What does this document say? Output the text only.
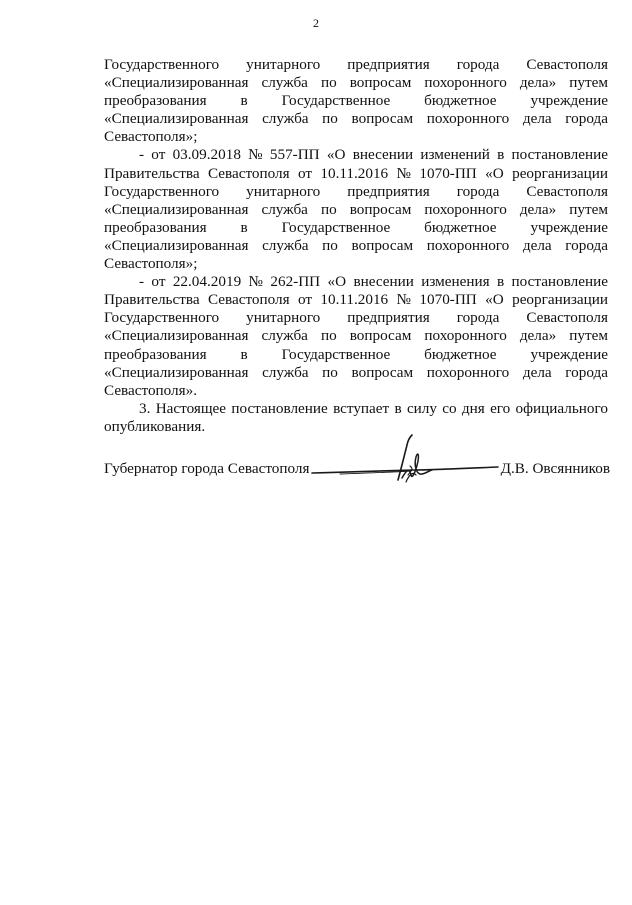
2
Государственного унитарного предприятия города Севастополя
«Специализированная служба по вопросам похоронного дела» путем
преобразования в Государственное бюджетное учреждение
«Специализированная служба по вопросам похоронного дела города
Севастополя»;
- от 03.09.2018 № 557-ПП «О внесении изменений в постановление
Правительства Севастополя от 10.11.2016 № 1070-ПП «О реорганизации
Государственного унитарного предприятия города Севастополя
«Специализированная служба по вопросам похоронного дела» путем
преобразования в Государственное бюджетное учреждение
«Специализированная служба по вопросам похоронного дела города
Севастополя»;
- от 22.04.2019 № 262-ПП «О внесении изменения в постановление
Правительства Севастополя от 10.11.2016 № 1070-ПП «О реорганизации
Государственного унитарного предприятия города Севастополя
«Специализированная служба по вопросам похоронного дела» путем
преобразования в Государственное бюджетное учреждение
«Специализированная служба по вопросам похоронного дела города
Севастополя».
3. Настоящее постановление вступает в силу со дня его официального
опубликования.
Губернатор города Севастополя	Д.В. Овсянников
